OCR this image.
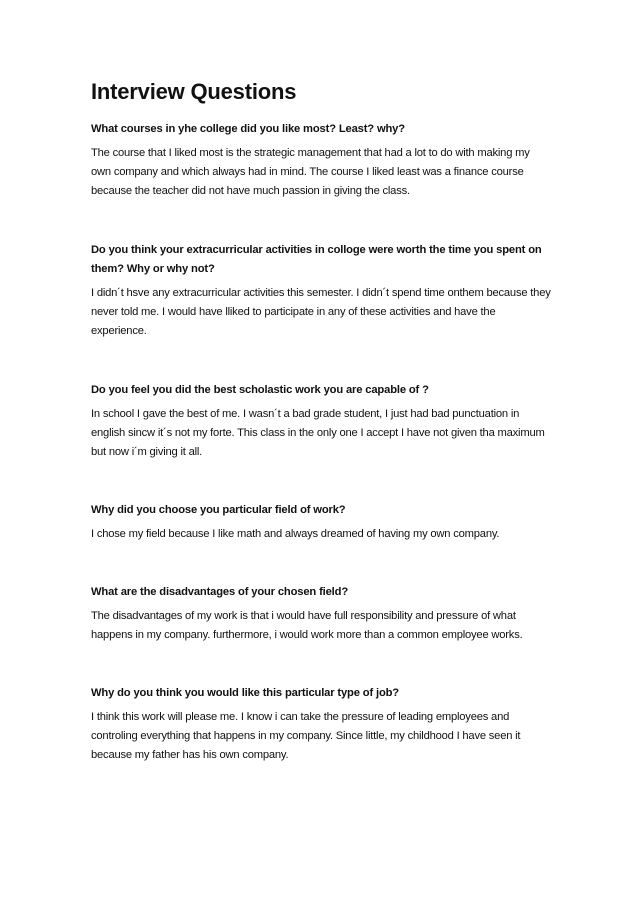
Interview Questions

What courses in yhe college did you like most? Least? why?

The course that I liked most is the strategic management that had a lot to do with making my own company and which always had in mind. The course I liked least was a finance course because the teacher did not have much passion in giving the class.

Do you think your extracurricular activities in colloge were worth the time you spent on them? Why or why not?

I didn´t hsve any extracurricular activities this semester. I didn´t spend time onthem because they never told me. I would have lliked to participate in any of these activities and have the experience.

Do you feel you did the best scholastic work you are capable of ?

In school I gave the best of me. I wasn´t a bad grade student, I just had bad punctuation in english sincw it´s not my forte. This class in the only one I accept I have not given tha maximum but now i´m giving it all.

Why did you choose you particular field of work?

I chose my field because I like math and always dreamed of having my own company.

What are the disadvantages of your chosen field?

The disadvantages of my work is that i would have full responsibility and pressure of what happens in my company. furthermore, i would work more than a common employee works.

Why do you think you would like this particular type of job?

I think this work will please me. I know i can take the pressure of leading employees and controling everything that happens in my company. Since little, my childhood I have seen it because my father has his own company.
